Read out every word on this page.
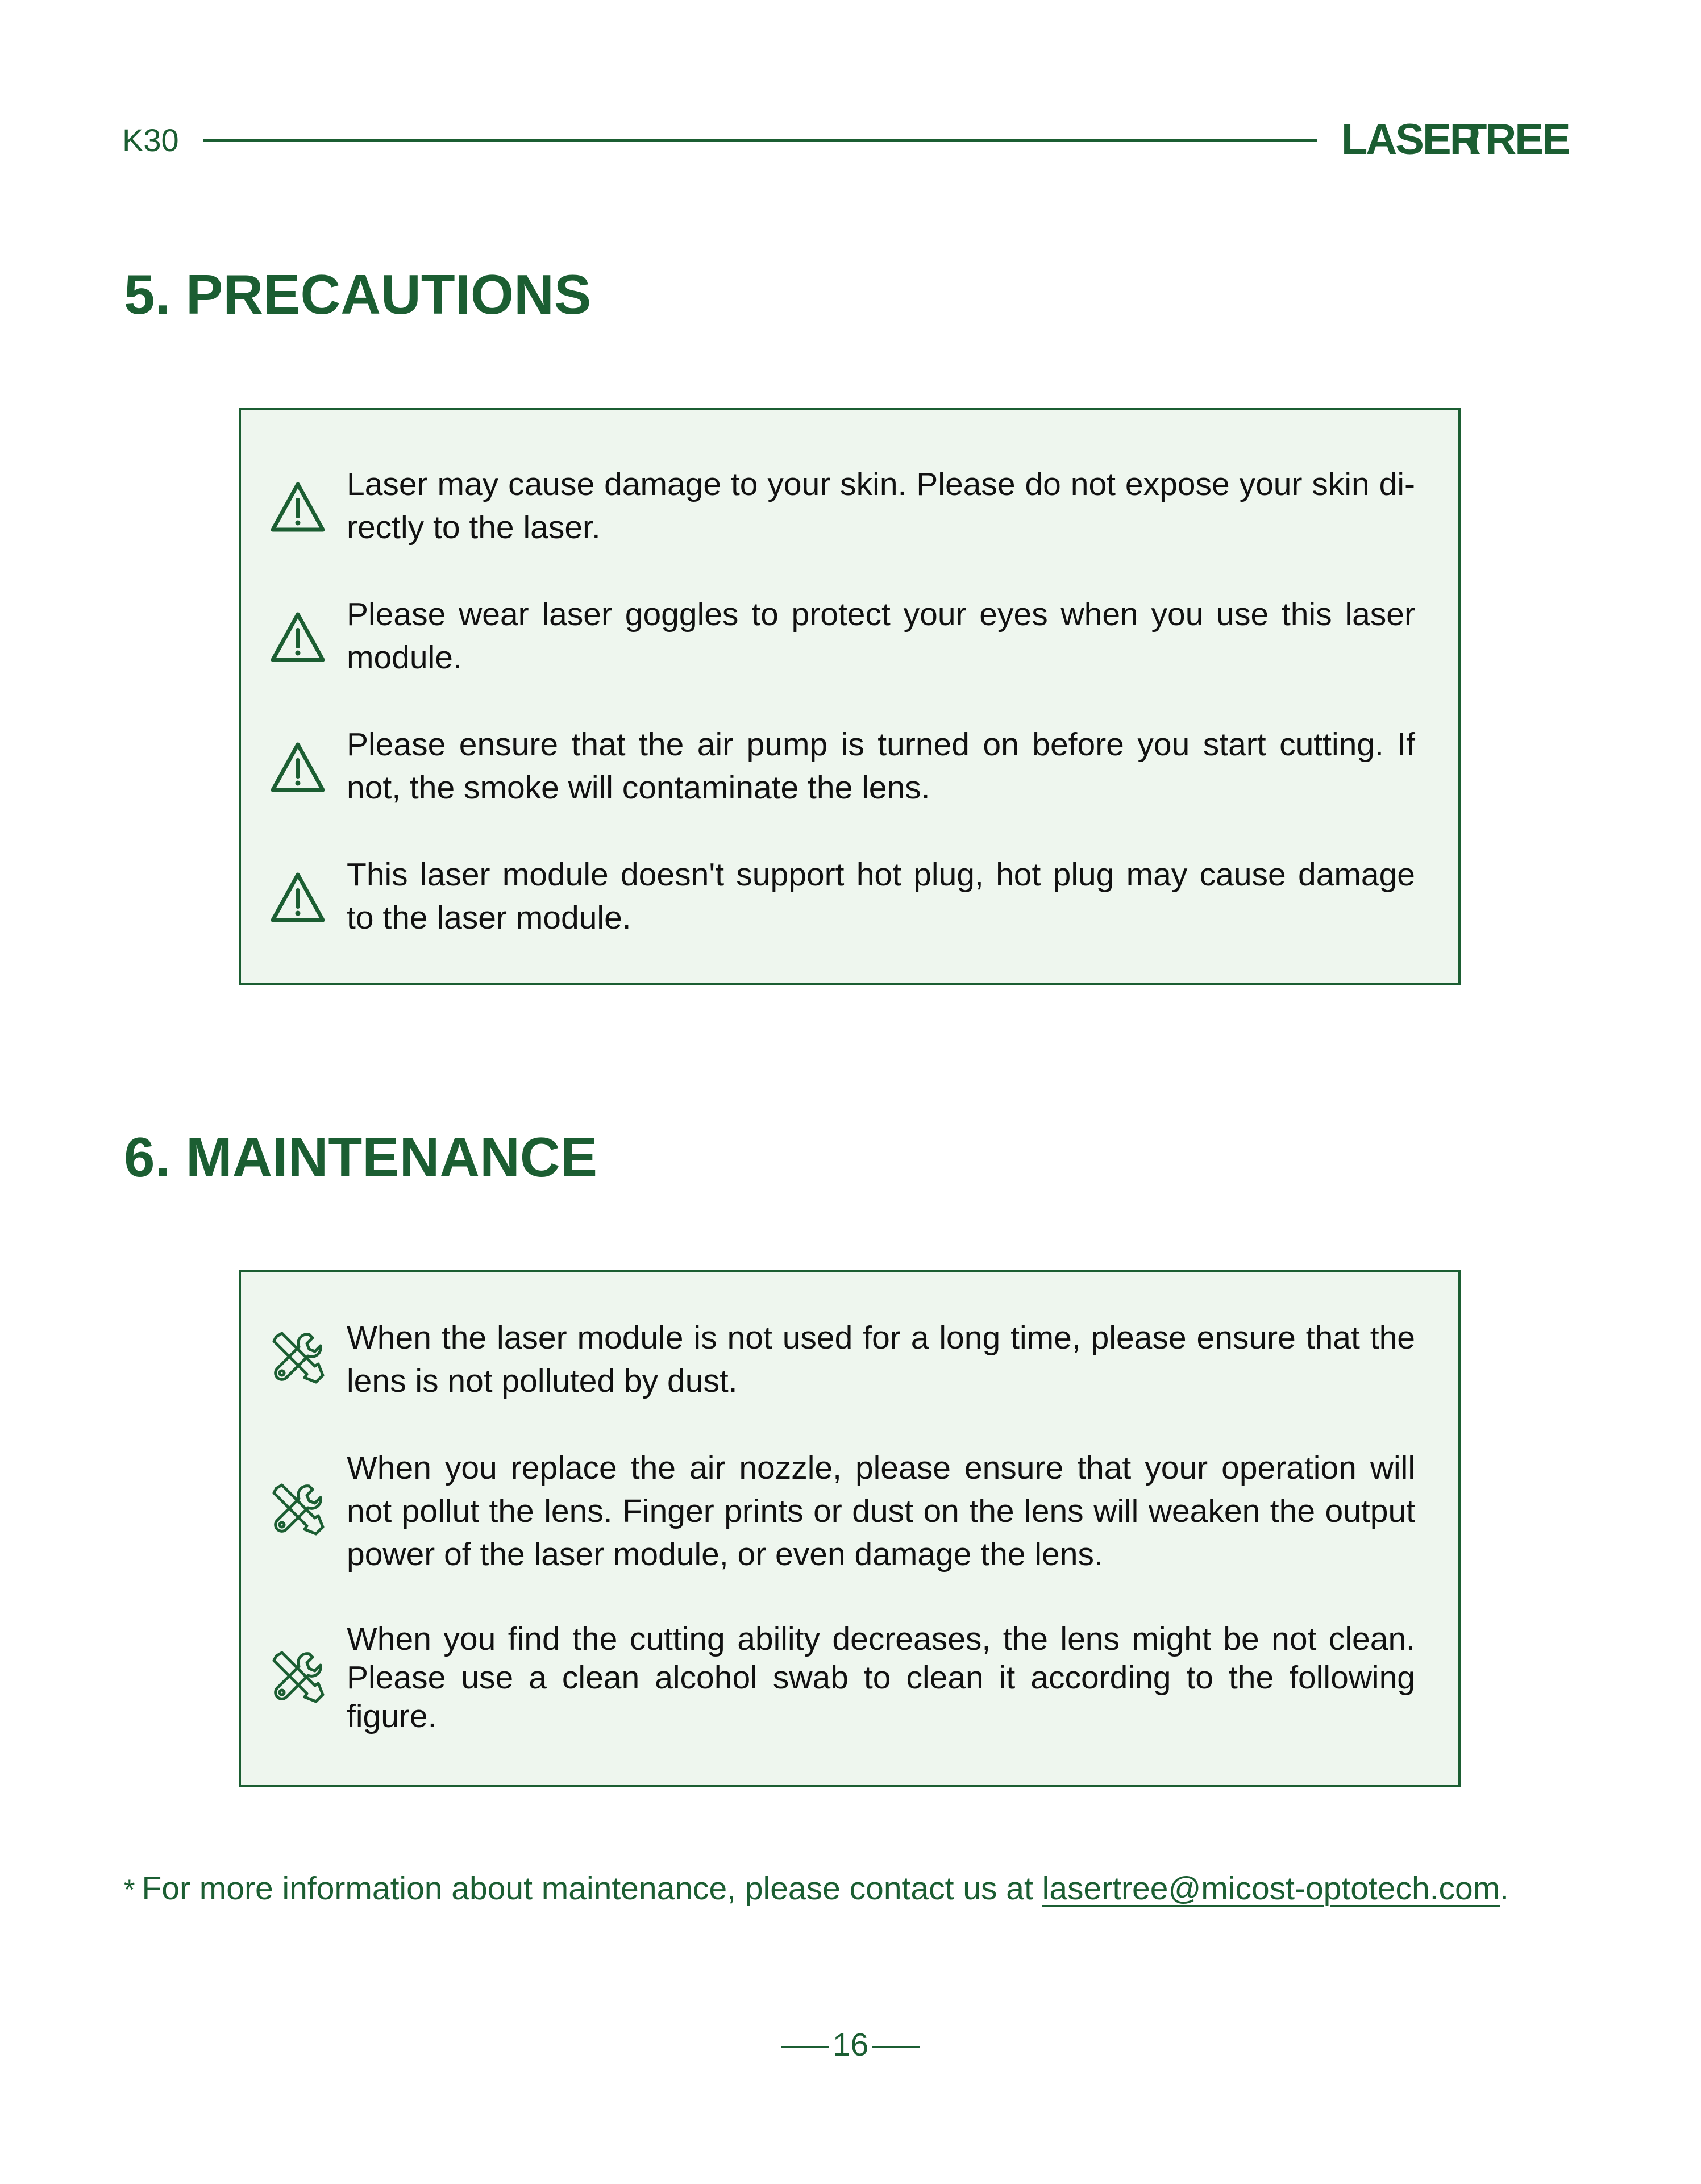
K30	LASER
TREE
5. PRECAUTIONS
Laser may cause damage to your skin. Please do not expose your skin di-rectly to the laser.
Please wear laser goggles to protect your eyes when you use this laser module.
Please ensure that the air pump is turned on before you start cutting. If not, the smoke will contaminate the lens.
This laser module doesn't support hot plug, hot plug may cause damage to the laser module.
6. MAINTENANCE
When the laser module is not used for a long time, please ensure that the lens is not polluted by dust.
When you replace the air nozzle, please ensure that your operation will not pollut the lens. Finger prints or dust on the lens will weaken the output power of the laser module, or even damage the lens.
When you find the cutting ability decreases, the lens might be not clean. Please use a clean alcohol swab to clean it according to the following figure.
* For more information about maintenance, please contact us at lasertree@micost-optotech.com.
16
